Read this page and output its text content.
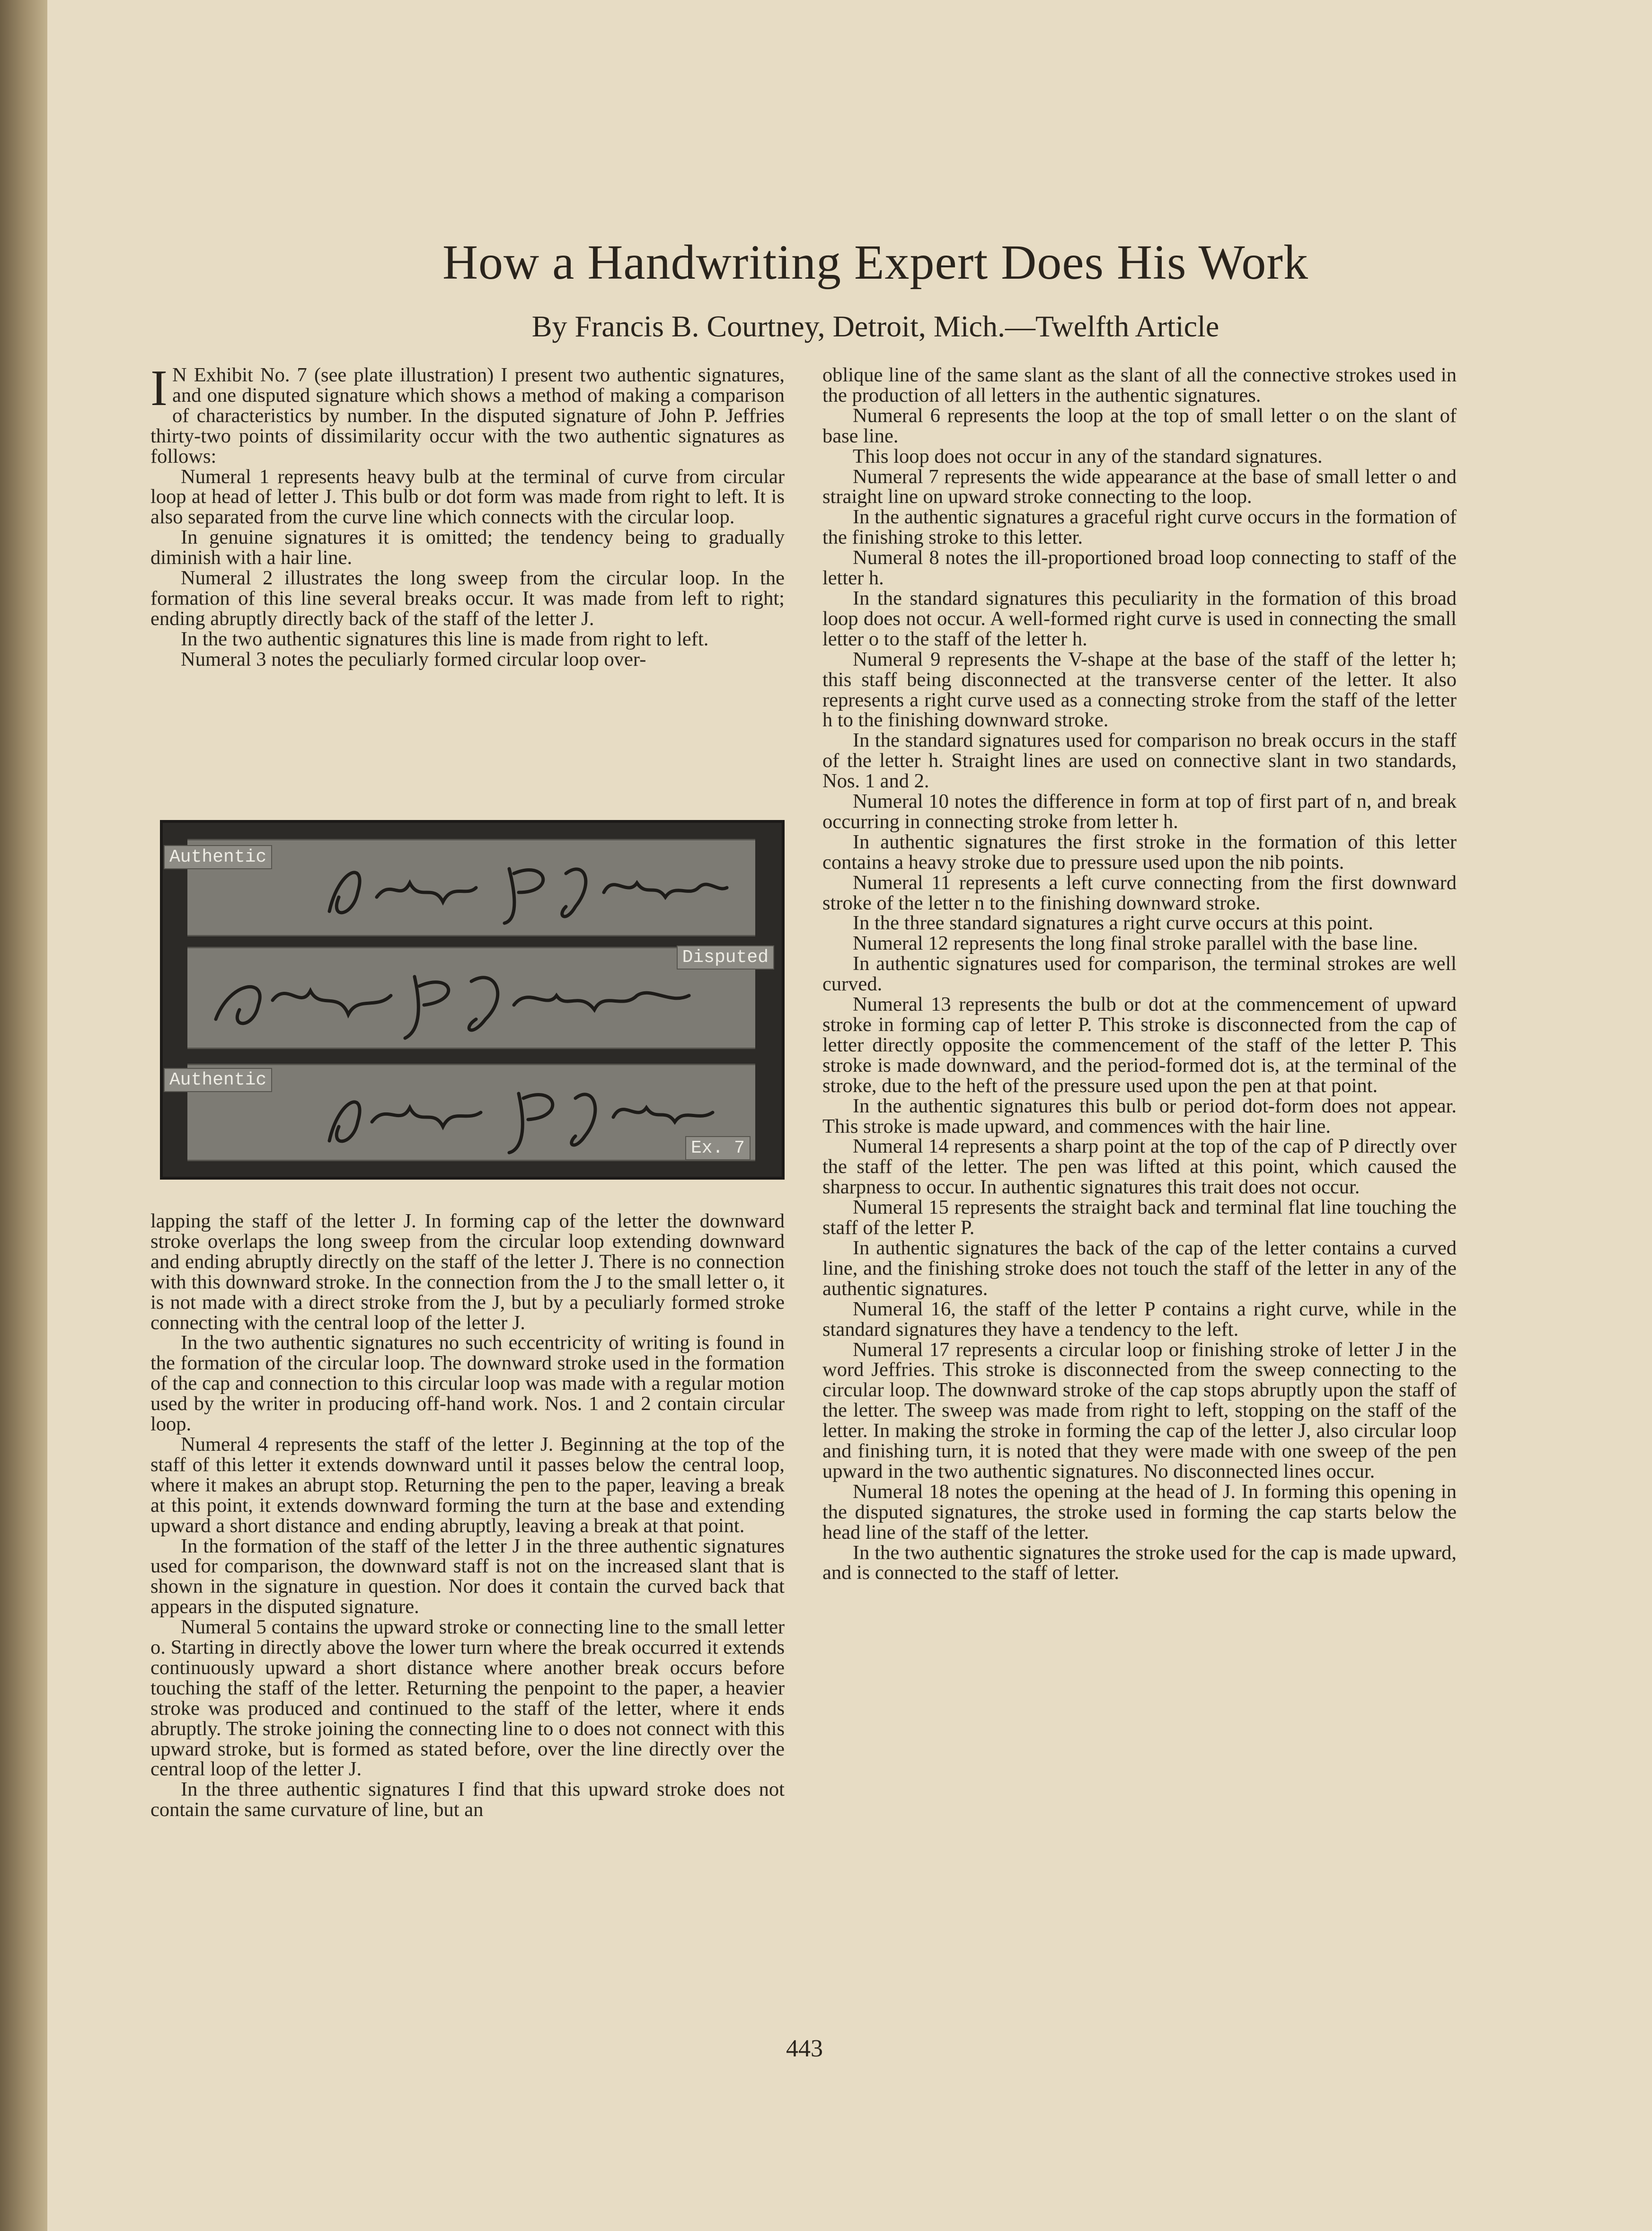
How a Handwriting Expert Does His Work
By Francis B. Courtney, Detroit, Mich.—Twelfth Article

I N Exhibit No. 7 (see plate illustration) I present two authentic signatures, and one disputed signature which shows a method of making a comparison of characteristics by number. In the disputed signature of John P. Jeffries thirty-two points of dissimilarity occur with the two authentic signatures as follows:

Numeral 1 represents heavy bulb at the terminal of curve from circular loop at head of letter J. This bulb or dot form was made from right to left. It is also separated from the curve line which connects with the circular loop.

In genuine signatures it is omitted; the tendency being to gradually diminish with a hair line.

Numeral 2 illustrates the long sweep from the circular loop. In the formation of this line several breaks occur. It was made from left to right; ending abruptly directly back of the staff of the letter J.

In the two authentic signatures this line is made from right to left.

Numeral 3 notes the peculiarly formed circular loop over-

Authentic
Disputed
Authentic
Ex. 7

lapping the staff of the letter J. In forming cap of the letter the downward stroke overlaps the long sweep from the circular loop extending downward and ending abruptly directly on the staff of the letter J. There is no connection with this downward stroke. In the connection from the J to the small letter o, it is not made with a direct stroke from the J, but by a peculiarly formed stroke connecting with the central loop of the letter J.

In the two authentic signatures no such eccentricity of writing is found in the formation of the circular loop. The downward stroke used in the formation of the cap and connection to this circular loop was made with a regular motion used by the writer in producing off-hand work. Nos. 1 and 2 contain circular loop.

Numeral 4 represents the staff of the letter J. Beginning at the top of the staff of this letter it extends downward until it passes below the central loop, where it makes an abrupt stop. Returning the pen to the paper, leaving a break at this point, it extends downward forming the turn at the base and extending upward a short distance and ending abruptly, leaving a break at that point.

In the formation of the staff of the letter J in the three authentic signatures used for comparison, the downward staff is not on the increased slant that is shown in the signature in question. Nor does it contain the curved back that appears in the disputed signature.

Numeral 5 contains the upward stroke or connecting line to the small letter o. Starting in directly above the lower turn where the break occurred it extends continuously upward a short distance where another break occurs before touching the staff of the letter. Returning the penpoint to the paper, a heavier stroke was produced and continued to the staff of the letter, where it ends abruptly. The stroke joining the connecting line to o does not connect with this upward stroke, but is formed as stated before, over the line directly over the central loop of the letter J.

In the three authentic signatures I find that this upward stroke does not contain the same curvature of line, but an

oblique line of the same slant as the slant of all the connective strokes used in the production of all letters in the authentic signatures.

Numeral 6 represents the loop at the top of small letter o on the slant of base line.

This loop does not occur in any of the standard signatures.

Numeral 7 represents the wide appearance at the base of small letter o and straight line on upward stroke connecting to the loop.

In the authentic signatures a graceful right curve occurs in the formation of the finishing stroke to this letter.

Numeral 8 notes the ill-proportioned broad loop connecting to staff of the letter h.

In the standard signatures this peculiarity in the formation of this broad loop does not occur. A well-formed right curve is used in connecting the small letter o to the staff of the letter h.

Numeral 9 represents the V-shape at the base of the staff of the letter h; this staff being disconnected at the transverse center of the letter. It also represents a right curve used as a connecting stroke from the staff of the letter h to the finishing downward stroke.

In the standard signatures used for comparison no break occurs in the staff of the letter h. Straight lines are used on connective slant in two standards, Nos. 1 and 2.

Numeral 10 notes the difference in form at top of first part of n, and break occurring in connecting stroke from letter h.

In authentic signatures the first stroke in the formation of this letter contains a heavy stroke due to pressure used upon the nib points.

Numeral 11 represents a left curve connecting from the first downward stroke of the letter n to the finishing downward stroke.

In the three standard signatures a right curve occurs at this point.

Numeral 12 represents the long final stroke parallel with the base line.

In authentic signatures used for comparison, the terminal strokes are well curved.

Numeral 13 represents the bulb or dot at the commencement of upward stroke in forming cap of letter P. This stroke is disconnected from the cap of letter directly opposite the commencement of the staff of the letter P. This stroke is made downward, and the period-formed dot is, at the terminal of the stroke, due to the heft of the pressure used upon the pen at that point.

In the authentic signatures this bulb or period dot-form does not appear. This stroke is made upward, and commences with the hair line.

Numeral 14 represents a sharp point at the top of the cap of P directly over the staff of the letter. The pen was lifted at this point, which caused the sharpness to occur. In authentic signatures this trait does not occur.

Numeral 15 represents the straight back and terminal flat line touching the staff of the letter P.

In authentic signatures the back of the cap of the letter contains a curved line, and the finishing stroke does not touch the staff of the letter in any of the authentic signatures.

Numeral 16, the staff of the letter P contains a right curve, while in the standard signatures they have a tendency to the left.

Numeral 17 represents a circular loop or finishing stroke of letter J in the word Jeffries. This stroke is disconnected from the sweep connecting to the circular loop. The downward stroke of the cap stops abruptly upon the staff of the letter. The sweep was made from right to left, stopping on the staff of the letter. In making the stroke in forming the cap of the letter J, also circular loop and finishing turn, it is noted that they were made with one sweep of the pen upward in the two authentic signatures. No disconnected lines occur.

Numeral 18 notes the opening at the head of J. In forming this opening in the disputed signatures, the stroke used in forming the cap starts below the head line of the staff of the letter.

In the two authentic signatures the stroke used for the cap is made upward, and is connected to the staff of letter.

443
